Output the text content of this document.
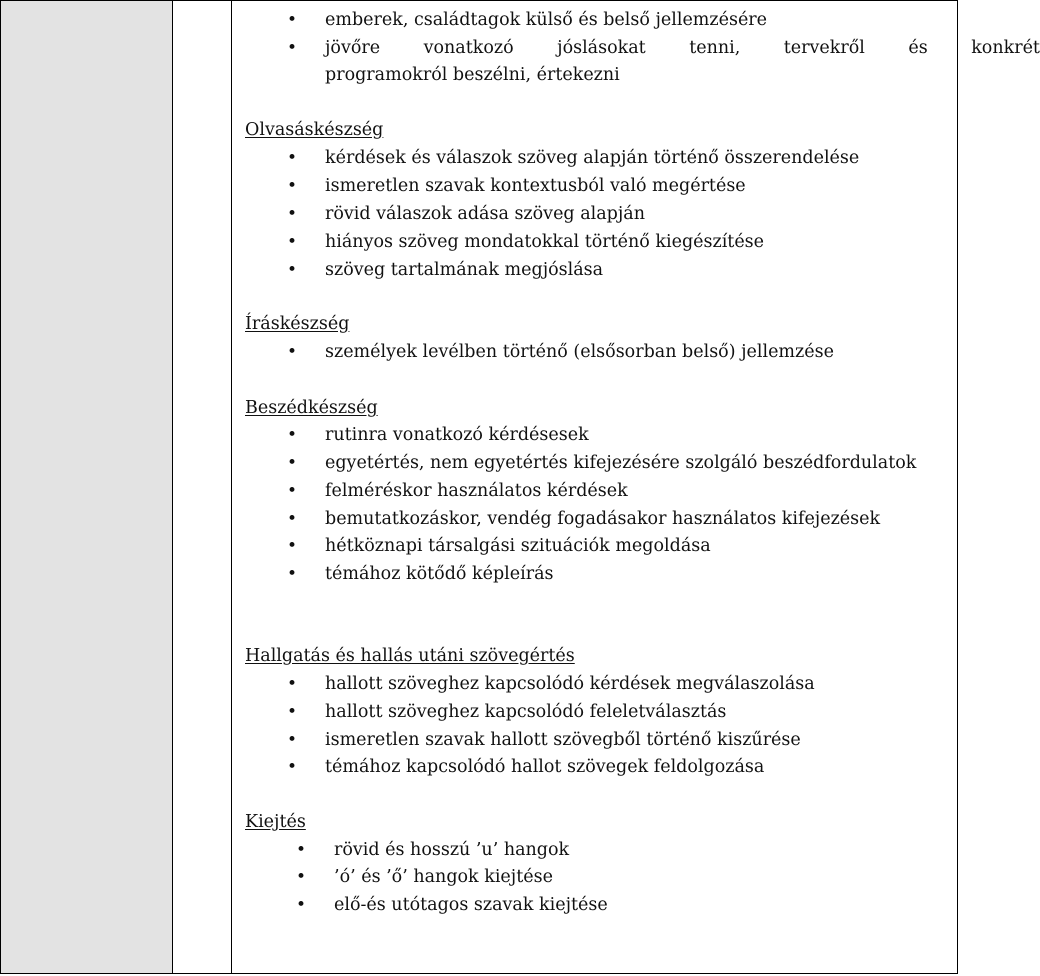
• emberek, családtagok külső és belső jellemzésére
• jövőre vonatkozó jóslásokat tenni, tervekről és konkrét
programokról beszélni, értekezni
Olvasáskészség
• kérdések és válaszok szöveg alapján történő összerendelése
• ismeretlen szavak kontextusból való megértése
• rövid válaszok adása szöveg alapján
• hiányos szöveg mondatokkal történő kiegészítése
• szöveg tartalmának megjóslása
Íráskészség
• személyek levélben történő (elsősorban belső) jellemzése
Beszédkészség
• rutinra vonatkozó kérdésesek
• egyetértés, nem egyetértés kifejezésére szolgáló beszédfordulatok
• felméréskor használatos kérdések
• bemutatkozáskor, vendég fogadásakor használatos kifejezések
• hétköznapi társalgási szituációk megoldása
• témához kötődő képleírás
Hallgatás és hallás utáni szövegértés
• hallott szöveghez kapcsolódó kérdések megválaszolása
• hallott szöveghez kapcsolódó feleletválasztás
• ismeretlen szavak hallott szövegből történő kiszűrése
• témához kapcsolódó hallot szövegek feldolgozása
Kiejtés
• rövid és hosszú ’u’ hangok
• ’ó’ és ’ő’ hangok kiejtése
• elő-és utótagos szavak kiejtése
